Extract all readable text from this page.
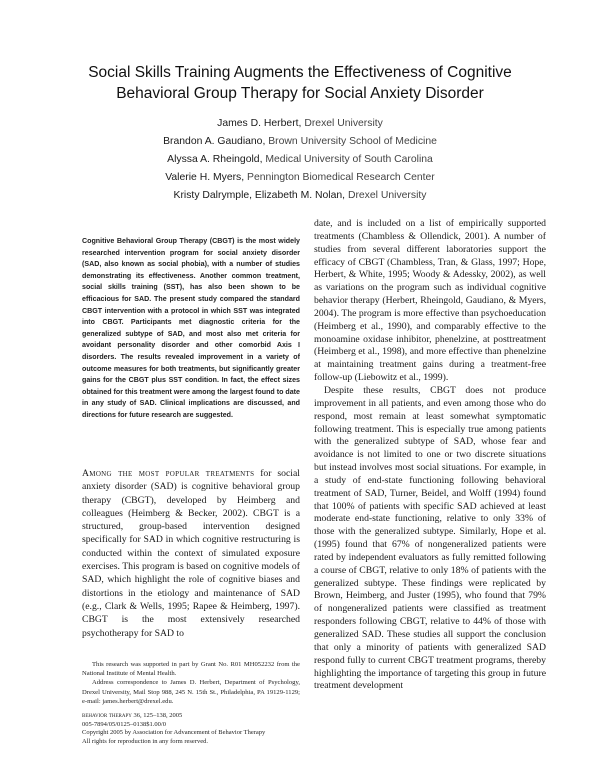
Social Skills Training Augments the Effectiveness of Cognitive
Behavioral Group Therapy for Social Anxiety Disorder
James D. Herbert, Drexel University
Brandon A. Gaudiano, Brown University School of Medicine
Alyssa A. Rheingold, Medical University of South Carolina
Valerie H. Myers, Pennington Biomedical Research Center
Kristy Dalrymple, Elizabeth M. Nolan, Drexel University
Cognitive Behavioral Group Therapy (CBGT) is the most widely researched intervention program for social anxiety disorder (SAD, also known as social phobia), with a number of studies demonstrating its effectiveness. Another common treatment, social skills training (SST), has also been shown to be efficacious for SAD. The present study compared the standard CBGT intervention with a protocol in which SST was integrated into CBGT. Participants met diagnostic criteria for the generalized subtype of SAD, and most also met criteria for avoidant personality disorder and other comorbid Axis I disorders. The results revealed improvement in a variety of outcome measures for both treatments, but significantly greater gains for the CBGT plus SST condition. In fact, the effect sizes obtained for this treatment were among the largest found to date in any study of SAD. Clinical implications are discussed, and directions for future research are suggested.

Among the most popular treatments for social anxiety disorder (SAD) is cognitive behavioral group therapy (CBGT), developed by Heimberg and colleagues (Heimberg & Becker, 2002). CBGT is a structured, group-based intervention designed specifically for SAD in which cognitive restructuring is conducted within the context of simulated exposure exercises. This program is based on cognitive models of SAD, which highlight the role of cognitive biases and distortions in the etiology and maintenance of SAD (e.g., Clark & Wells, 1995; Rapee & Heimberg, 1997). CBGT is the most extensively researched psychotherapy for SAD to

This research was supported in part by Grant No. R01 MH052232 from the National Institute of Mental Health.

Address correspondence to James D. Herbert, Department of Psychology, Drexel University, Mail Stop 988, 245 N. 15th St., Philadelphia, PA 19129-1129; e-mail: james.herbert@drexel.edu.

behavior therapy 36, 125–138, 2005
005-7894/05/0125–0138$1.00/0
Copyright 2005 by Association for Advancement of Behavior Therapy
All rights for reproduction in any form reserved.

date, and is included on a list of empirically supported treatments (Chambless & Ollendick, 2001). A number of studies from several different laboratories support the efficacy of CBGT (Chambless, Tran, & Glass, 1997; Hope, Herbert, & White, 1995; Woody & Adessky, 2002), as well as variations on the program such as individual cognitive behavior therapy (Herbert, Rheingold, Gaudiano, & Myers, 2004). The program is more effective than psychoeducation (Heimberg et al., 1990), and comparably effective to the monoamine oxidase inhibitor, phenelzine, at posttreatment (Heimberg et al., 1998), and more effective than phenelzine at maintaining treatment gains during a treatment-free follow-up (Liebowitz et al., 1999).

Despite these results, CBGT does not produce improvement in all patients, and even among those who do respond, most remain at least somewhat symptomatic following treatment. This is especially true among patients with the generalized subtype of SAD, whose fear and avoidance is not limited to one or two discrete situations but instead involves most social situations. For example, in a study of end-state functioning following behavioral treatment of SAD, Turner, Beidel, and Wolff (1994) found that 100% of patients with specific SAD achieved at least moderate end-state functioning, relative to only 33% of those with the generalized subtype. Similarly, Hope et al. (1995) found that 67% of nongeneralized patients were rated by independent evaluators as fully remitted following a course of CBGT, relative to only 18% of patients with the generalized subtype. These findings were replicated by Brown, Heimberg, and Juster (1995), who found that 79% of nongeneralized patients were classified as treatment responders following CBGT, relative to 44% of those with generalized SAD. These studies all support the conclusion that only a minority of patients with generalized SAD respond fully to current CBGT treatment programs, thereby highlighting the importance of targeting this group in future treatment development
